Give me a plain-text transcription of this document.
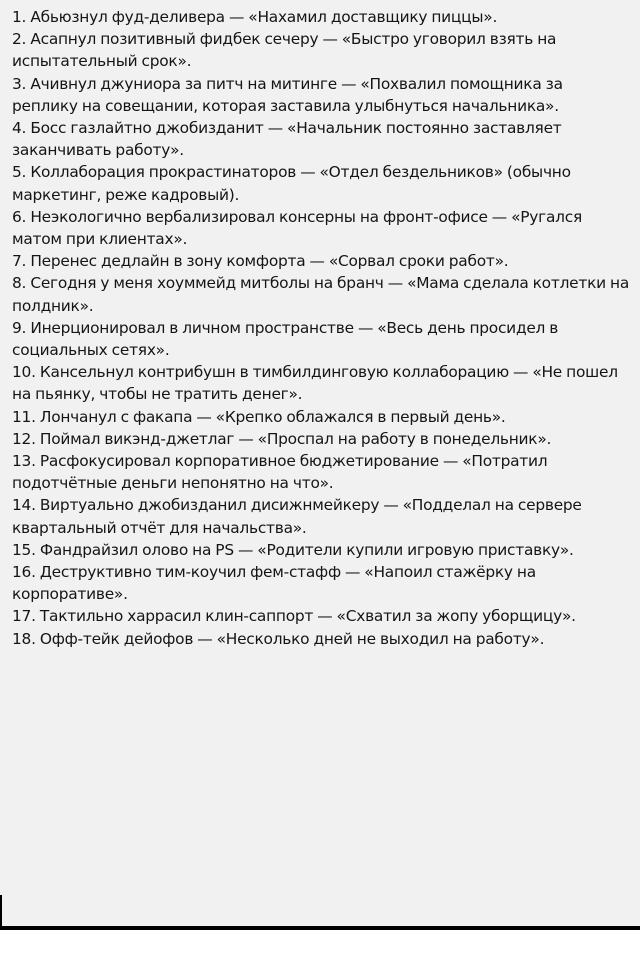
1. Абьюзнул фуд-деливера — «Нахамил доставщику пиццы».
2. Асапнул позитивный фидбек сечеру — «Быстро уговорил взять на испытательный срок».
3. Ачивнул джуниора за питч на митинге — «Похвалил помощника за реплику на совещании, которая заставила улыбнуться начальника».
4. Босс газлайтно джобизданит — «Начальник постоянно заставляет заканчивать работу».
5. Коллаборация прокрастинаторов — «Отдел бездельников» (обычно маркетинг, реже кадровый).
6. Неэкологично вербализировал консерны на фронт-офисе — «Ругался матом при клиентах».
7. Перенес дедлайн в зону комфорта — «Сорвал сроки работ».
8. Сегодня у меня хоуммейд митболы на бранч — «Мама сделала котлетки на полдник».
9. Инерционировал в личном пространстве — «Весь день просидел в социальных сетях».
10. Кансельнул контрибушн в тимбилдинговую коллаборацию — «Не пошел на пьянку, чтобы не тратить денег».
11. Лончанул с факапа — «Крепко облажался в первый день».
12. Поймал викэнд-джетлаг — «Проспал на работу в понедельник».
13. Расфокусировал корпоративное бюджетирование — «Потратил подотчётные деньги непонятно на что».
14. Виртуально джобизданил дисижнмейкеру — «Подделал на сервере квартальный отчёт для начальства».
15. Фандрайзил олово на PS — «Родители купили игровую приставку».
16. Деструктивно тим-коучил фем-стафф — «Напоил стажёрку на корпоративе».
17. Тактильно харрасил клин-саппорт — «Схватил за жопу уборщицу».
18. Офф-тейк дейофов — «Несколько дней не выходил на работу».
